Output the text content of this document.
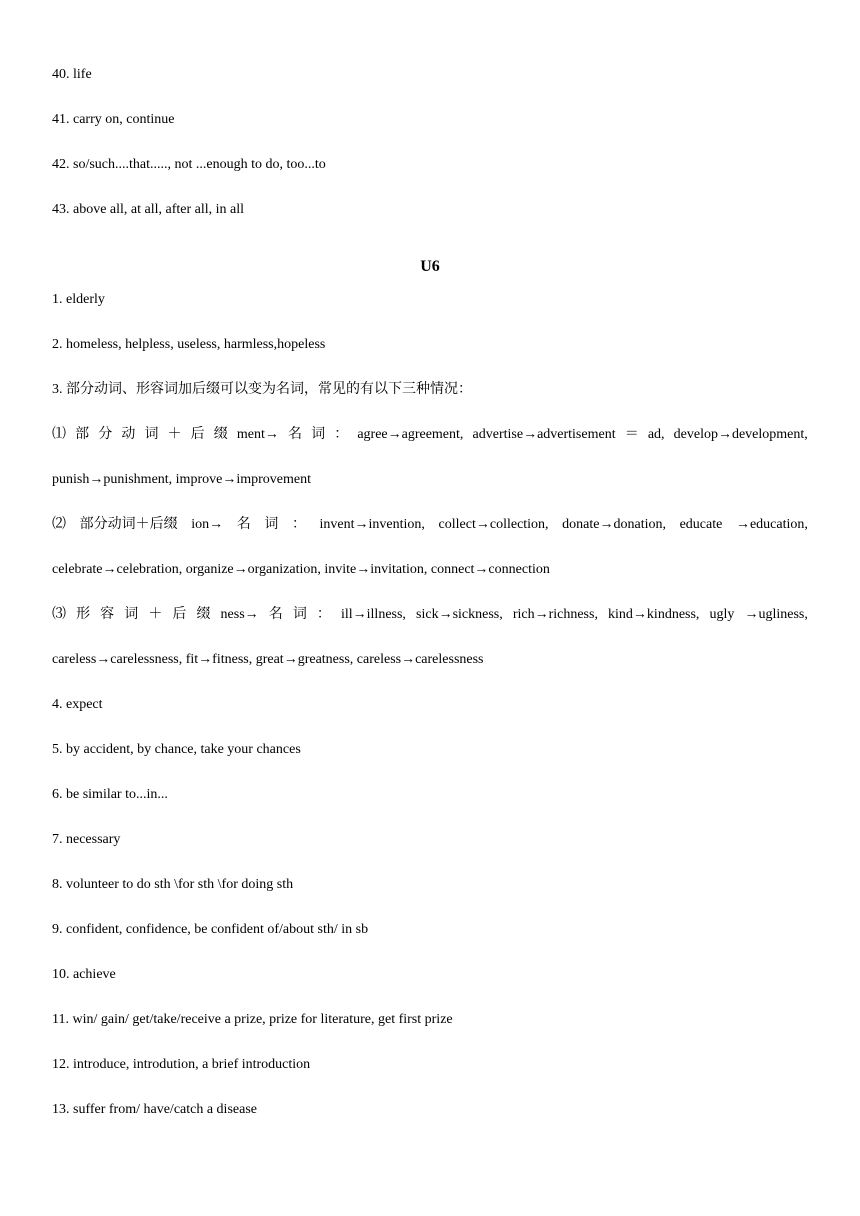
40. life
41. carry on, continue
42. so/such....that....., not ...enough to do, too...to
43. above all, at all, after all, in all
U6
1. elderly
2. homeless, helpless, useless, harmless,hopeless
3. 部分动词、形容词加后缀可以变为名词，常见的有以下三种情况：
⑴ 部 分 动 词 ＋ 后 缀 ment→ 名 词 ： agree→agreement, advertise→advertisement ＝ ad, develop→development,
punish→punishment, improve→improvement
⑵ 部分动词＋后缀 ion→ 名 词 ： invent→invention, collect→collection, donate→donation, educate →education,
celebrate→celebration, organize→organization, invite→invitation, connect→connection
⑶ 形 容 词 ＋ 后 缀 ness→ 名 词 ： ill→illness, sick→sickness, rich→richness, kind→kindness, ugly →ugliness,
careless→carelessness, fit→fitness, great→greatness, careless→carelessness
4. expect
5. by accident, by chance, take your chances
6. be similar to...in...
7. necessary
8. volunteer to do sth \for sth \for doing sth
9. confident, confidence, be confident of/about sth/ in sb
10. achieve
11. win/ gain/ get/take/receive a prize, prize for literature, get first prize
12. introduce, introdution, a brief introduction
13. suffer from/ have/catch a disease
